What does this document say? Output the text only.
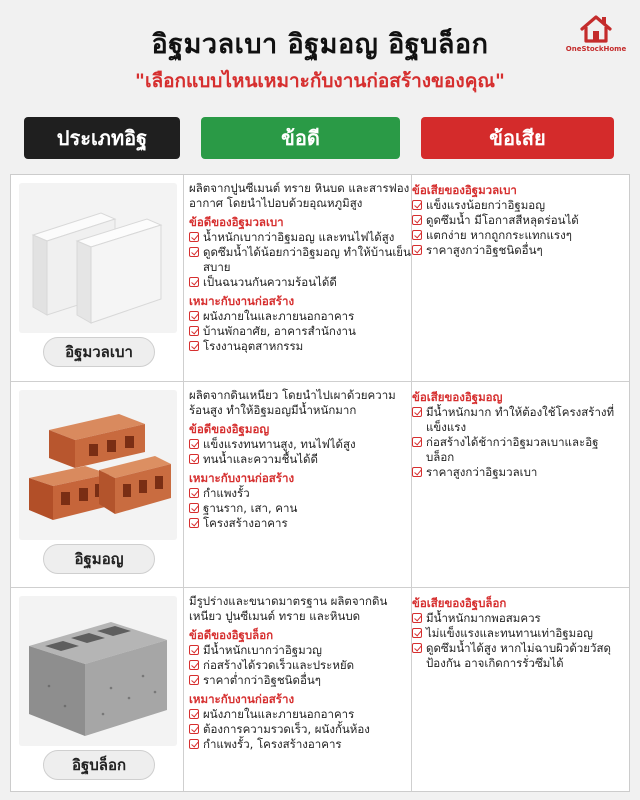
อิฐมวลเบา อิฐมอญ อิฐบล็อก
"เลือกแบบไหนเหมาะกับงานก่อสร้างของคุณ"
OneStockHome
ประเภทอิฐ	ข้อดี	ข้อเสีย
อิฐมวลเบา
ผลิตจากปูนซีเมนต์ ทราย หินบด และสารฟองอากาศ โดยนำไปอบด้วยอุณหภูมิสูง
ข้อดีของอิฐมวลเบา
น้ำหนักเบากว่าอิฐมอญ และทนไฟได้สูง
ดูดซึมน้ำได้น้อยกว่าอิฐมอญ ทำให้บ้านเย็นสบาย
เป็นฉนวนกันความร้อนได้ดี
เหมาะกับงานก่อสร้าง
ผนังภายในและภายนอกอาคาร
บ้านพักอาศัย, อาคารสำนักงาน
โรงงานอุตสาหกรรม
ข้อเสียของอิฐมวลเบา
แข็งแรงน้อยกว่าอิฐมอญ
ดูดซึมน้ำ มีโอกาสสีหลุดร่อนได้
แตกง่าย หากถูกกระแทกแรงๆ
ราคาสูงกว่าอิฐชนิดอื่นๆ
อิฐมอญ
ผลิตจากดินเหนียว โดยนำไปเผาด้วยความร้อนสูง ทำให้อิฐมอญมีน้ำหนักมาก
ข้อดีของอิฐมอญ
แข็งแรงทนทานสูง, ทนไฟได้สูง
ทนน้ำและความชื้นได้ดี
เหมาะกับงานก่อสร้าง
กำแพงรั้ว
ฐานราก, เสา, คาน
โครงสร้างอาคาร
ข้อเสียของอิฐมอญ
มีน้ำหนักมาก ทำให้ต้องใช้โครงสร้างที่แข็งแรง
ก่อสร้างได้ช้ากว่าอิฐมวลเบาและอิฐบล็อก
ราคาสูงกว่าอิฐมวลเบา
อิฐบล็อก
มีรูปร่างและขนาดมาตรฐาน ผลิตจากดินเหนียว ปูนซีเมนต์ ทราย และหินบด
ข้อดีของอิฐบล็อก
มีน้ำหนักเบากว่าอิฐมวญ
ก่อสร้างได้รวดเร็วและประหยัด
ราคาต่ำกว่าอิฐชนิดอื่นๆ
เหมาะกับงานก่อสร้าง
ผนังภายในและภายนอกอาคาร
ต้องการความรวดเร็ว, ผนังกั้นห้อง
กำแพงรั้ว, โครงสร้างอาคาร
ข้อเสียของอิฐบล็อก
มีน้ำหนักมากพอสมควร
ไม่แข็งแรงและทนทานเท่าอิฐมอญ
ดูดซึมน้ำได้สูง หากไม่ฉาบผิวด้วยวัสดุป้องกัน อาจเกิดการรั่วซึมได้
